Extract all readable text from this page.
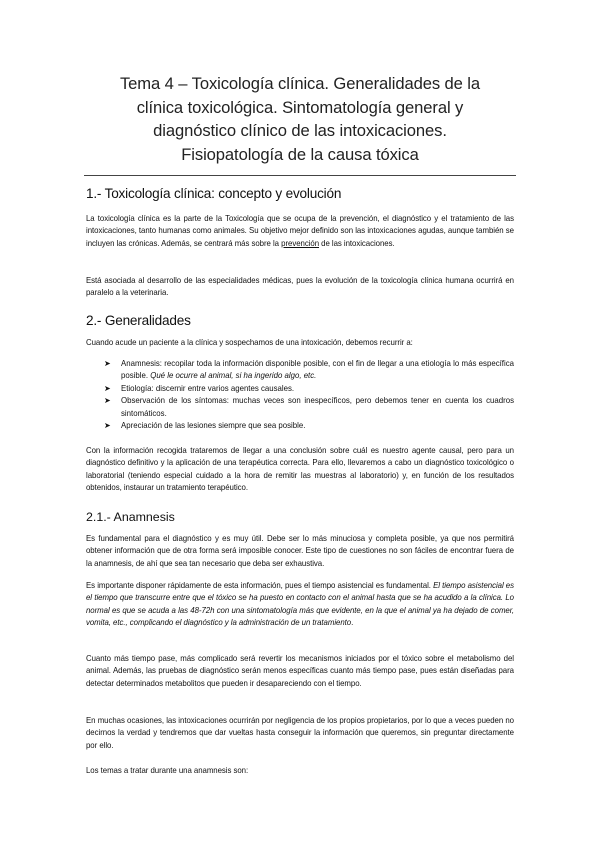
Tema 4 – Toxicología clínica. Generalidades de la
clínica toxicológica. Sintomatología general y
diagnóstico clínico de las intoxicaciones.
Fisiopatología de la causa tóxica
1.- Toxicología clínica: concepto y evolución

La toxicología clínica es la parte de la Toxicología que se ocupa de la prevención, el diagnóstico y el tratamiento de las intoxicaciones, tanto humanas como animales. Su objetivo mejor definido son las intoxicaciones agudas, aunque también se incluyen las crónicas. Además, se centrará más sobre la prevención de las intoxicaciones.

Está asociada al desarrollo de las especialidades médicas, pues la evolución de la toxicología clínica humana ocurrirá en paralelo a la veterinaria.

2.- Generalidades

Cuando acude un paciente a la clínica y sospechamos de una intoxicación, debemos recurrir a:

➤ Anamnesis: recopilar toda la información disponible posible, con el fin de llegar a una etiología lo más específica posible. Qué le ocurre al animal, si ha ingerido algo, etc.
➤ Etiología: discernir entre varios agentes causales.
➤ Observación de los síntomas: muchas veces son inespecíficos, pero debemos tener en cuenta los cuadros sintomáticos.
➤ Apreciación de las lesiones siempre que sea posible.

Con la información recogida trataremos de llegar a una conclusión sobre cuál es nuestro agente causal, pero para un diagnóstico definitivo y la aplicación de una terapéutica correcta. Para ello, llevaremos a cabo un diagnóstico toxicológico o laboratorial (teniendo especial cuidado a la hora de remitir las muestras al laboratorio) y, en función de los resultados obtenidos, instaurar un tratamiento terapéutico.

2.1.- Anamnesis

Es fundamental para el diagnóstico y es muy útil. Debe ser lo más minuciosa y completa posible, ya que nos permitirá obtener información que de otra forma será imposible conocer. Este tipo de cuestiones no son fáciles de encontrar fuera de la anamnesis, de ahí que sea tan necesario que deba ser exhaustiva.

Es importante disponer rápidamente de esta información, pues el tiempo asistencial es fundamental. El tiempo asistencial es el tiempo que transcurre entre que el tóxico se ha puesto en contacto con el animal hasta que se ha acudido a la clínica. Lo normal es que se acuda a las 48-72h con una sintomatología más que evidente, en la que el animal ya ha dejado de comer, vomita, etc., complicando el diagnóstico y la administración de un tratamiento.

Cuanto más tiempo pase, más complicado será revertir los mecanismos iniciados por el tóxico sobre el metabolismo del animal. Además, las pruebas de diagnóstico serán menos específicas cuanto más tiempo pase, pues están diseñadas para detectar determinados metabolitos que pueden ir desapareciendo con el tiempo.

En muchas ocasiones, las intoxicaciones ocurrirán por negligencia de los propios propietarios, por lo que a veces pueden no decirnos la verdad y tendremos que dar vueltas hasta conseguir la información que queremos, sin preguntar directamente por ello.

Los temas a tratar durante una anamnesis son:
